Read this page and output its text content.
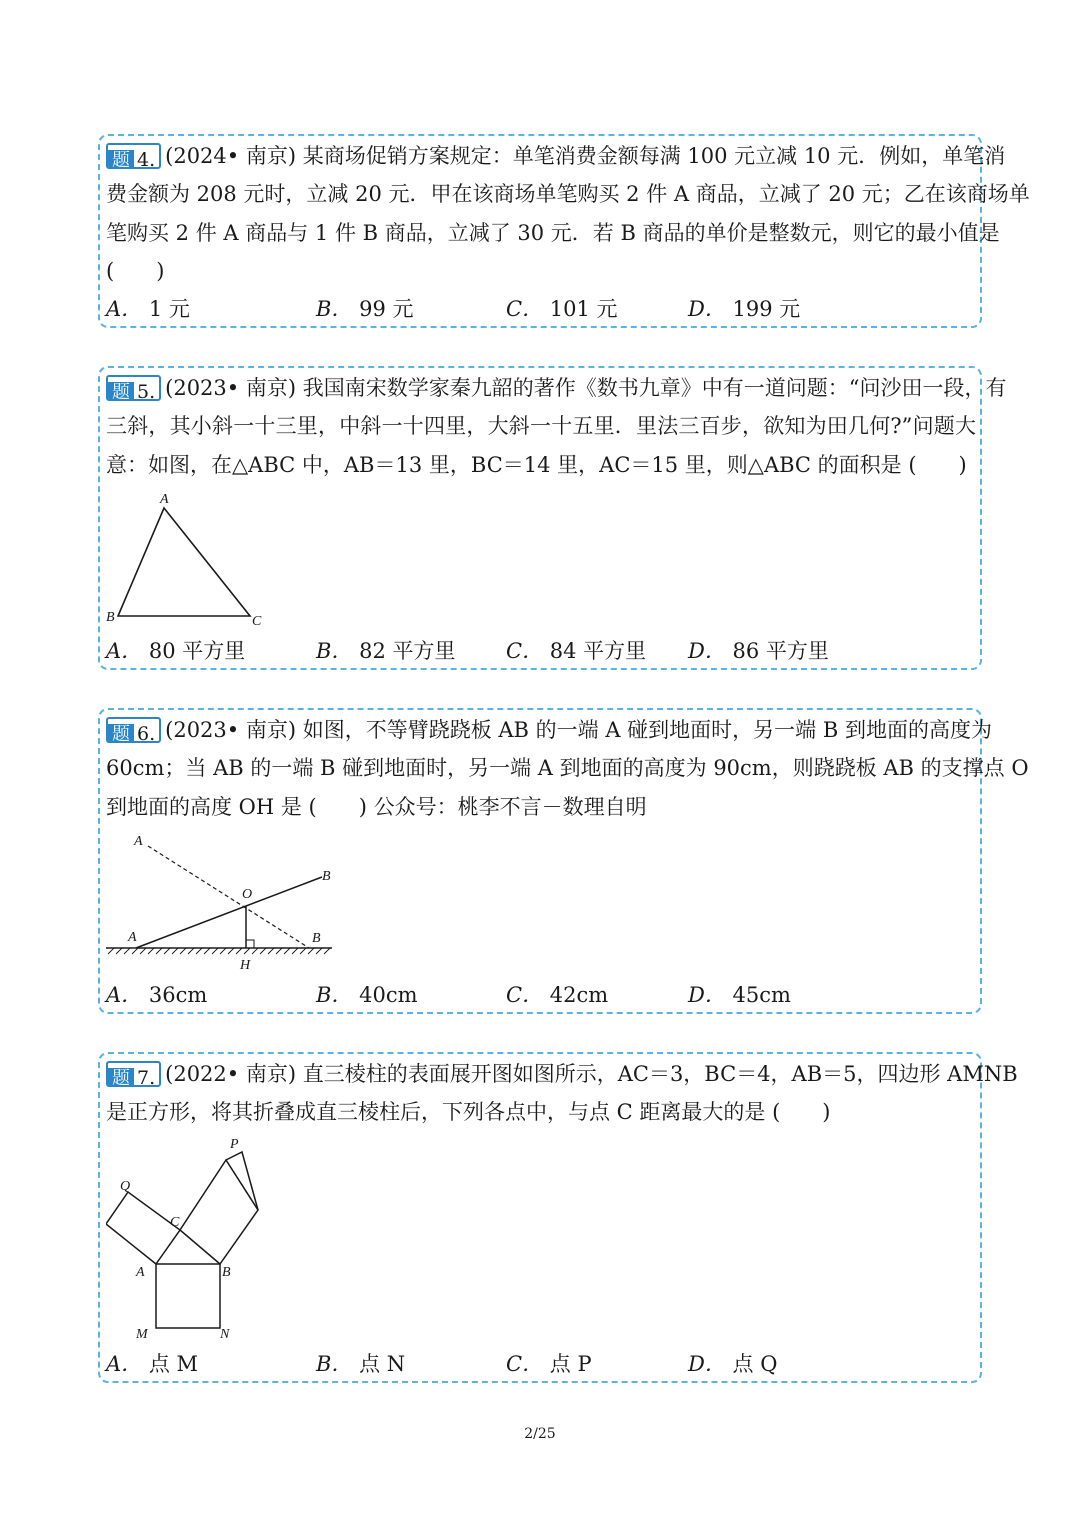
题 4. (2024• 南京) 某商场促销方案规定：单笔消费金额每满 100 元立减 10 元．例如，单笔消
费金额为 208 元时，立减 20 元．甲在该商场单笔购买 2 件 A 商品，立减了 20 元；乙在该商场单
笔购买 2 件 A 商品与 1 件 B 商品，立减了 30 元．若 B 商品的单价是整数元，则它的最小值是
(　　)
A． 1 元	B． 99 元	C． 101 元	D． 199 元
题 5. (2023• 南京) 我国南宋数学家秦九韶的著作《数书九章》中有一道问题：“问沙田一段，有
三斜，其小斜一十三里，中斜一十四里，大斜一十五里．里法三百步，欲知为田几何?”问题大
意：如图，在△ABC 中，AB＝13 里，BC＝14 里，AC＝15 里，则△ABC 的面积是 (　　)
A
B	C
A． 80 平方里	B． 82 平方里 C． 84 平方里 D． 86 平方里
题 6. (2023• 南京) 如图，不等臂跷跷板 AB 的一端 A 碰到地面时，另一端 B 到地面的高度为
60cm；当 AB 的一端 B 碰到地面时，另一端 A 到地面的高度为 90cm，则跷跷板 AB 的支撑点 O
到地面的高度 OH 是 (　　) 公众号：桃李不言－数理自明
A
B
O
A	B
H
A． 36cm	B． 40cm	C． 42cm	D． 45cm
题 7. (2022• 南京) 直三棱柱的表面展开图如图所示，AC＝3，BC＝4，AB＝5，四边形 AMNB
是正方形，将其折叠成直三棱柱后，下列各点中，与点 C 距离最大的是 (　　)
P
Q
C
A	B
M	N
A． 点 M	B． 点 N	C． 点 P	D． 点 Q
2/25
